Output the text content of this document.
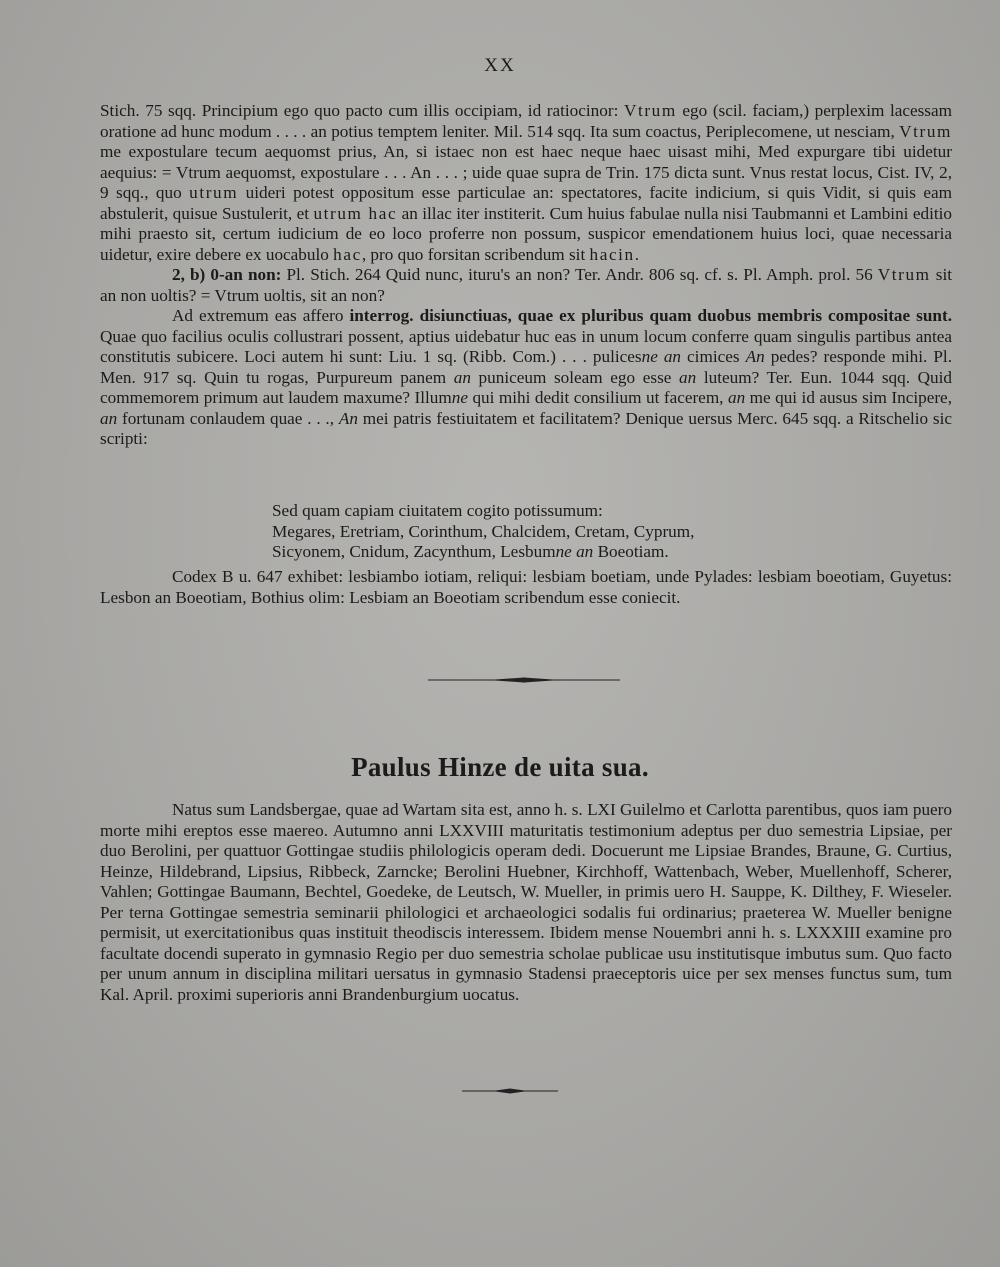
XX

Stich. 75 sqq. Principium ego quo pacto cum illis occipiam, id ratiocinor: Vtrum ego (scil. faciam,) perplexim lacessam oratione ad hunc modum . . . . an potius temptem leniter. Mil. 514 sqq. Ita sum coactus, Periplecomene, ut nesciam, Vtrum me expostulare tecum aequomst prius, An, si istaec non est haec neque haec uisast mihi, Med expurgare tibi uidetur aequius: = Vtrum aequomst, expostulare . . . An . . . ; uide quae supra de Trin. 175 dicta sunt. Vnus restat locus, Cist. IV, 2, 9 sqq., quo utrum uideri potest oppositum esse particulae an: spectatores, facite indicium, si quis Vidit, si quis eam abstulerit, quisue Sustulerit, et utrum hac an illac iter institerit. Cum huius fabulae nulla nisi Taubmanni et Lambini editio mihi praesto sit, certum iudicium de eo loco proferre non possum, suspicor emendationem huius loci, quae necessaria uidetur, exire debere ex uocabulo hac, pro quo forsitan scribendum sit hacin.

2, b) 0-an non: Pl. Stich. 264 Quid nunc, ituru's an non? Ter. Andr. 806 sq. cf. s. Pl. Amph. prol. 56 Vtrum sit an non uoltis? = Vtrum uoltis, sit an non?

Ad extremum eas affero interrog. disiunctiuas, quae ex pluribus quam duobus membris compositae sunt. Quae quo facilius oculis collustrari possent, aptius uidebatur huc eas in unum locum conferre quam singulis partibus antea constitutis subicere. Loci autem hi sunt: Liu. 1 sq. (Ribb. Com.) . . . pulicesne an cimices An pedes? responde mihi. Pl. Men. 917 sq. Quin tu rogas, Purpureum panem an puniceum soleam ego esse an luteum? Ter. Eun. 1044 sqq. Quid commemorem primum aut laudem maxume? Illumne qui mihi dedit consilium ut facerem, an me qui id ausus sim Incipere, an fortunam conlaudem quae . . ., An mei patris festiuitatem et facilitatem? Denique uersus Merc. 645 sqq. a Ritschelio sic scripti:

Sed quam capiam ciuitatem cogito potissumum:
Megares, Eretriam, Corinthum, Chalcidem, Cretam, Cyprum,
Sicyonem, Cnidum, Zacynthum, Lesbumne an Boeotiam.

Codex B u. 647 exhibet: lesbiambo iotiam, reliqui: lesbiam boetiam, unde Pylades: lesbiam boeotiam, Guyetus: Lesbon an Boeotiam, Bothius olim: Lesbiam an Boeotiam scribendum esse coniecit.

Paulus Hinze de uita sua.

Natus sum Landsbergae, quae ad Wartam sita est, anno h. s. LXI Guilelmo et Carlotta parentibus, quos iam puero morte mihi ereptos esse maereo. Autumno anni LXXVIII maturitatis testimonium adeptus per duo semestria Lipsiae, per duo Berolini, per quattuor Gottingae studiis philologicis operam dedi. Docuerunt me Lipsiae Brandes, Braune, G. Curtius, Heinze, Hildebrand, Lipsius, Ribbeck, Zarncke; Berolini Huebner, Kirchhoff, Wattenbach, Weber, Muellenhoff, Scherer, Vahlen; Gottingae Baumann, Bechtel, Goedeke, de Leutsch, W. Mueller, in primis uero H. Sauppe, K. Dilthey, F. Wieseler. Per terna Gottingae semestria seminarii philologici et archaeologici sodalis fui ordinarius; praeterea W. Mueller benigne permisit, ut exercitationibus quas instituit theodiscis interessem. Ibidem mense Nouembri anni h. s. LXXXIII examine pro facultate docendi superato in gymnasio Regio per duo semestria scholae publicae usu institutisque imbutus sum. Quo facto per unum annum in disciplina militari uersatus in gymnasio Stadensi praeceptoris uice per sex menses functus sum, tum Kal. April. proximi superioris anni Brandenburgium uocatus.
